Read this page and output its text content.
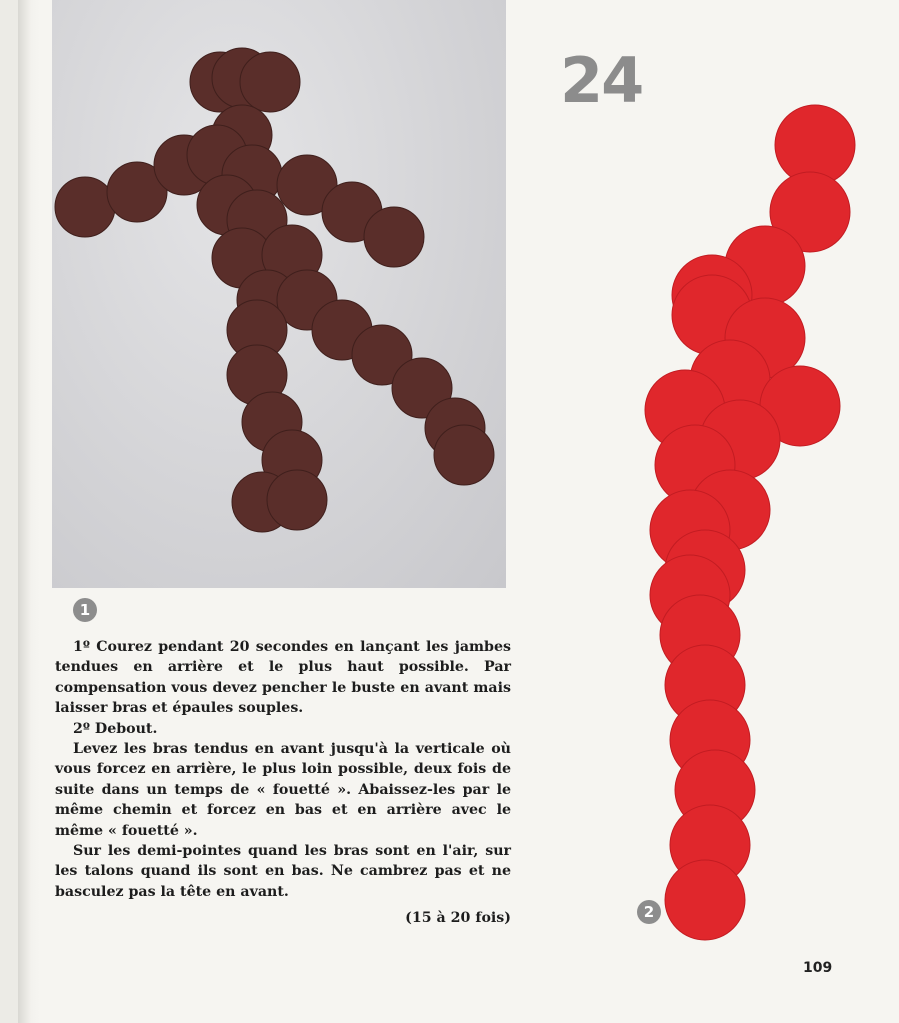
24
1

1º Courez pendant 20 secondes en lançant les jambes tendues en arrière et le plus haut possible. Par compensation vous devez pencher le buste en avant mais laisser bras et épaules souples.

2º Debout.

Levez les bras tendus en avant jusqu'à la verticale où vous forcez en arrière, le plus loin possible, deux fois de suite dans un temps de « fouetté ». Abaissez-les par le même chemin et forcez en bas et en arrière avec le même « fouetté ».

Sur les demi-pointes quand les bras sont en l'air, sur les talons quand ils sont en bas. Ne cambrez pas et ne basculez pas la tête en avant.

(15 à 20 fois)	2
109
